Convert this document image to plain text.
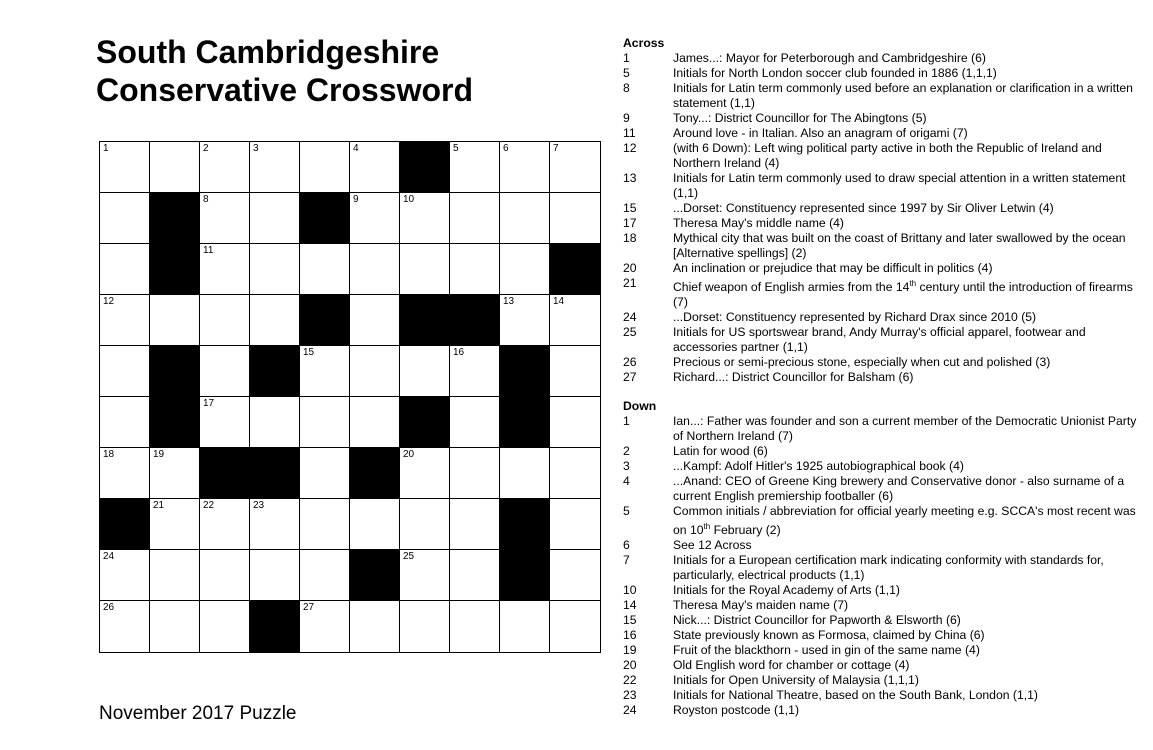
South Cambridgeshire
Conservative Crossword
1	2	3	4	5	6	7
8	9	10
11
12	13	14
15	16
17
18	19	20
21	22	23
24	25
26	27
November 2017 Puzzle
Across
1	James...: Mayor for Peterborough and Cambridgeshire (6)
5	Initials for North London soccer club founded in 1886 (1,1,1)
8	Initials for Latin term commonly used before an explanation or clarification in a written statement (1,1)
9	Tony...: District Councillor for The Abingtons (5)
11	Around love - in Italian. Also an anagram of origami (7)
12	(with 6 Down): Left wing political party active in both the Republic of Ireland and Northern Ireland (4)
13	Initials for Latin term commonly used to draw special attention in a written statement (1,1)
15	...Dorset: Constituency represented since 1997 by Sir Oliver Letwin (4)
17	Theresa May's middle name (4)
18	Mythical city that was built on the coast of Brittany and later swallowed by the ocean [Alternative spellings] (2)
20	An inclination or prejudice that may be difficult in politics (4)
21	Chief weapon of English armies from the 14th century until the introduction of firearms (7)
24	...Dorset: Constituency represented by Richard Drax since 2010 (5)
25	Initials for US sportswear brand, Andy Murray's official apparel, footwear and accessories partner (1,1)
26	Precious or semi-precious stone, especially when cut and polished (3)
27	Richard...: District Councillor for Balsham (6)
Down
1	Ian...: Father was founder and son a current member of the Democratic Unionist Party of Northern Ireland (7)
2	Latin for wood (6)
3	...Kampf: Adolf Hitler's 1925 autobiographical book (4)
4	...Anand: CEO of Greene King brewery and Conservative donor - also surname of a current English premiership footballer (6)
5	Common initials / abbreviation for official yearly meeting e.g. SCCA's most recent was on 10th February (2)
6	See 12 Across
7	Initials for a European certification mark indicating conformity with standards for, particularly, electrical products (1,1)
10	Initials for the Royal Academy of Arts (1,1)
14	Theresa May's maiden name (7)
15	Nick...: District Councillor for Papworth & Elsworth (6)
16	State previously known as Formosa, claimed by China (6)
19	Fruit of the blackthorn - used in gin of the same name (4)
20	Old English word for chamber or cottage (4)
22	Initials for Open University of Malaysia (1,1,1)
23	Initials for National Theatre, based on the South Bank, London (1,1)
24	Royston postcode (1,1)
